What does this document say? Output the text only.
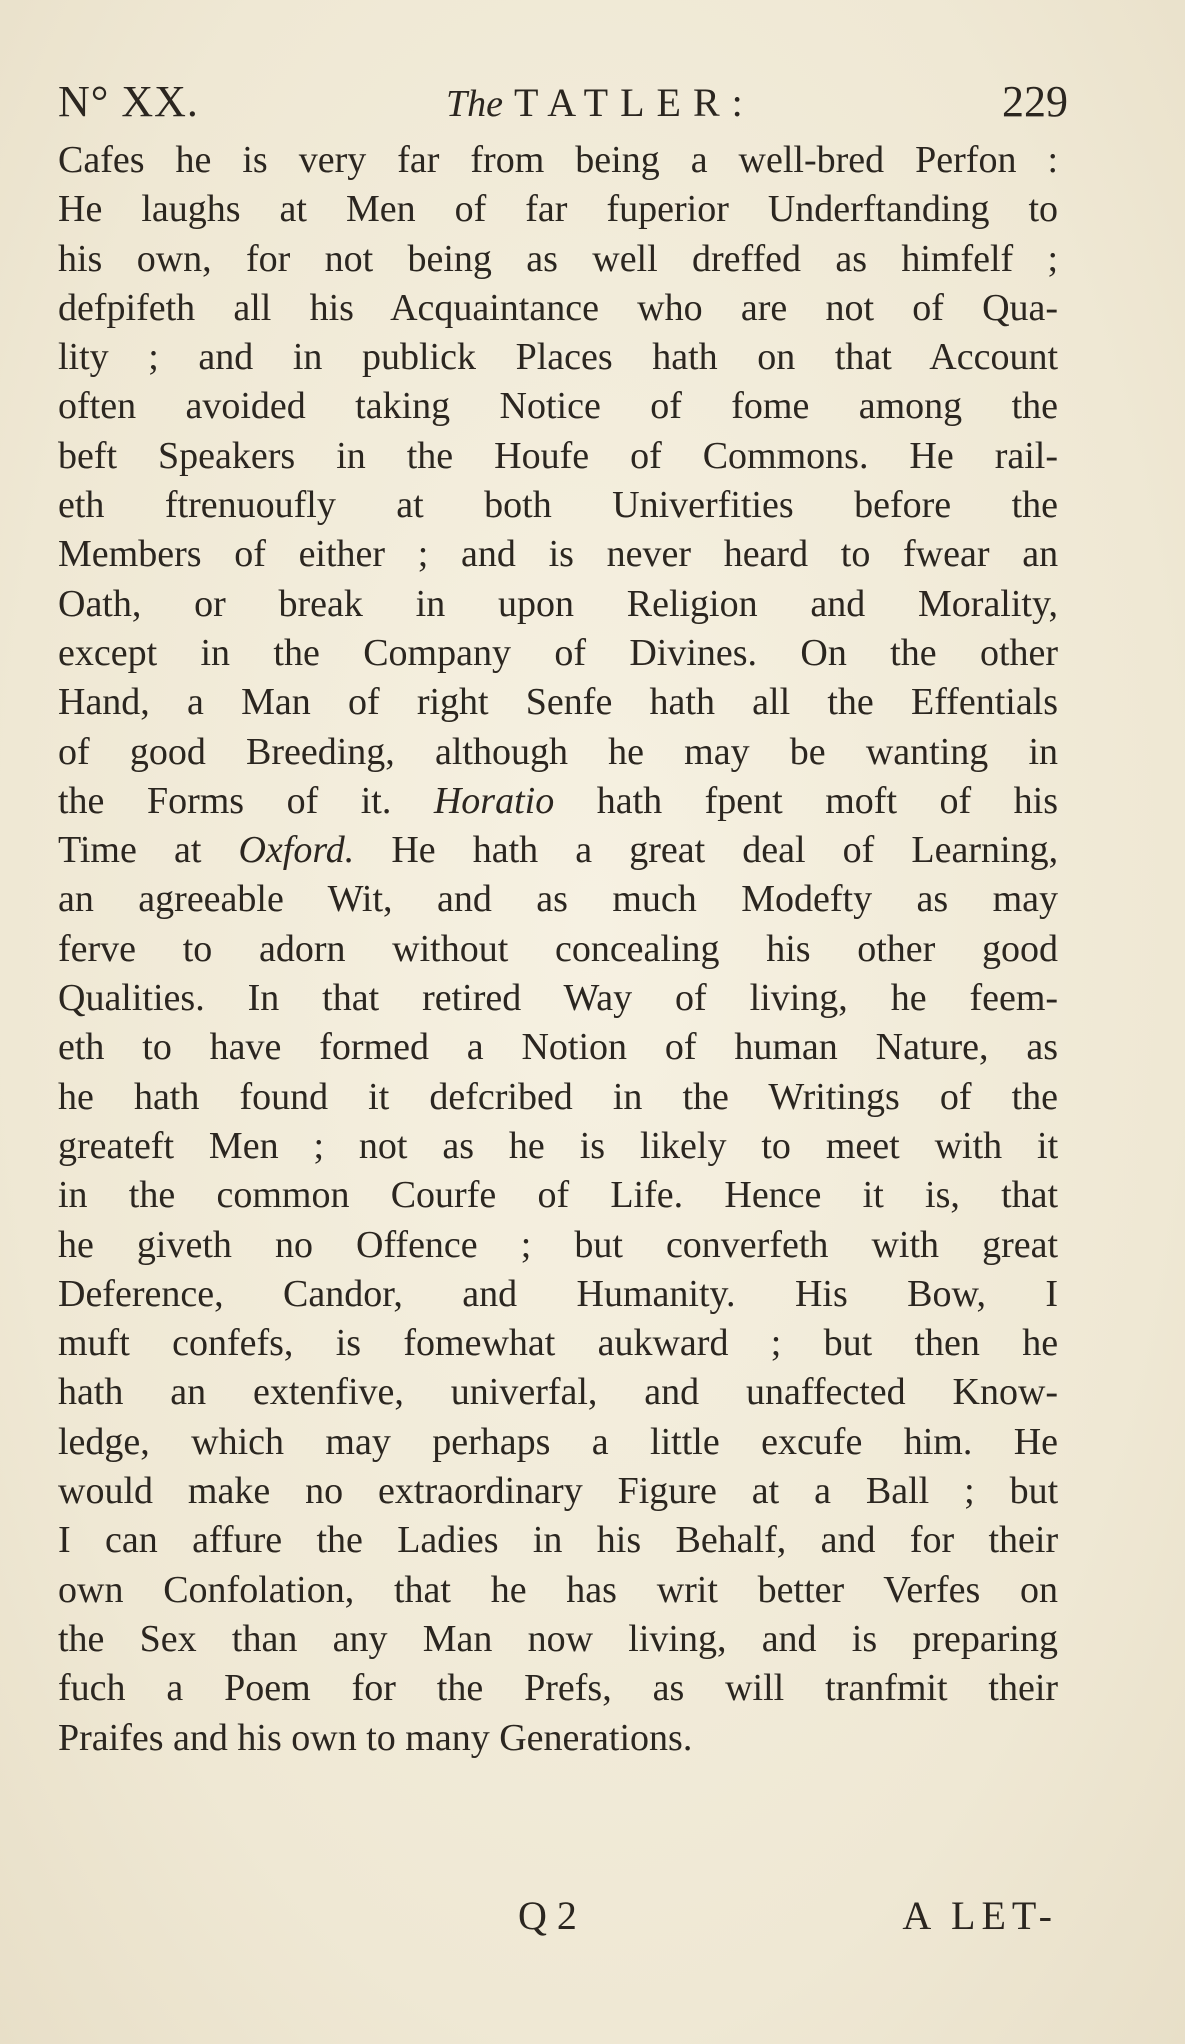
N° XX.	The TATLER:	229
Cafes he is very far from being a well-bred Perfon :
He laughs at Men of far fuperior Underftanding to
his own, for not being as well dreffed as himfelf ;
defpifeth all his Acquaintance who are not of Qua-
lity ; and in publick Places hath on that Account
often avoided taking Notice of fome among the
beft Speakers in the Houfe of Commons. He rail-
eth ftrenuoufly at both Univerfities before the
Members of either ; and is never heard to fwear an
Oath, or break in upon Religion and Morality,
except in the Company of Divines. On the other
Hand, a Man of right Senfe hath all the Effentials
of good Breeding, although he may be wanting in
the Forms of it. Horatio hath fpent moft of his
Time at Oxford. He hath a great deal of Learning,
an agreeable Wit, and as much Modefty as may
ferve to adorn without concealing his other good
Qualities. In that retired Way of living, he feem-
eth to have formed a Notion of human Nature, as
he hath found it defcribed in the Writings of the
greateft Men ; not as he is likely to meet with it
in the common Courfe of Life. Hence it is, that
he giveth no Offence ; but converfeth with great
Deference, Candor, and Humanity. His Bow, I
muft confefs, is fomewhat aukward ; but then he
hath an extenfive, univerfal, and unaffected Know-
ledge, which may perhaps a little excufe him. He
would make no extraordinary Figure at a Ball ; but
I can affure the Ladies in his Behalf, and for their
own Confolation, that he has writ better Verfes on
the Sex than any Man now living, and is preparing
fuch a Poem for the Prefs, as will tranfmit their
Praifes and his own to many Generations.
Q 2	A LET-
